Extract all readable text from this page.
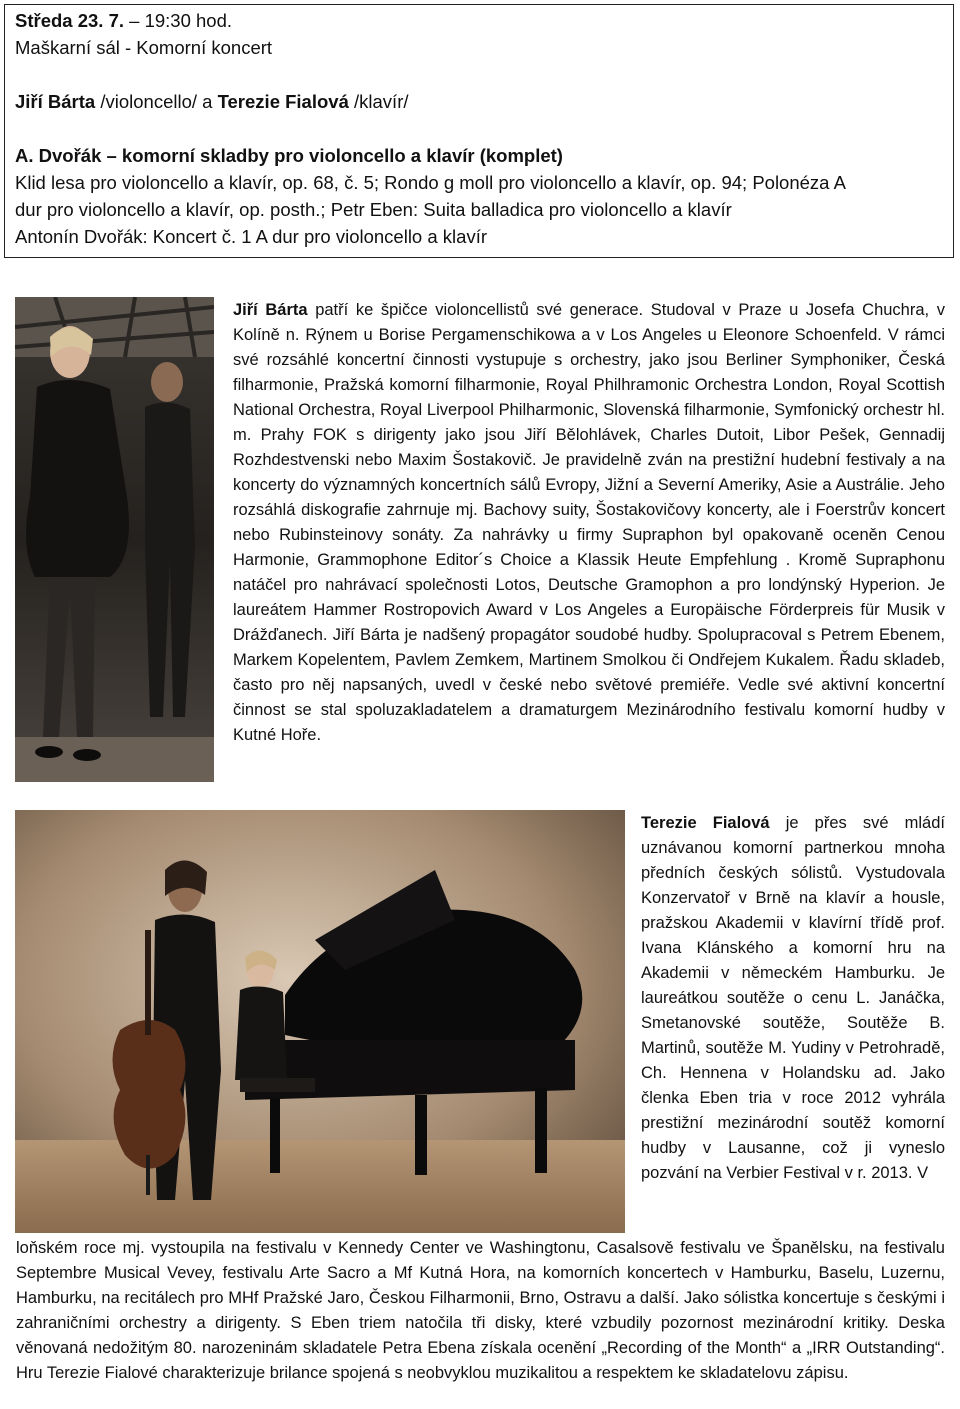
Středa 23. 7. – 19:30 hod.
Maškarní sál - Komorní koncert
Jiří Bárta /violoncello/ a Terezie Fialová /klavír/
A. Dvořák – komorní skladby pro violoncello a klavír (komplet)
Klid lesa pro violoncello a klavír, op. 68, č. 5; Rondo g moll pro violoncello a klavír, op. 94; Polonéza A
dur pro violoncello a klavír, op. posth.; Petr Eben: Suita balladica pro violoncello a klavír
Antonín Dvořák: Koncert č. 1 A dur pro violoncello a klavír
Jiří Bárta patří ke špičce violoncellistů své generace. Studoval v Praze u Josefa Chuchra, v Kolíně n. Rýnem u Borise Pergamenschikowa a v Los Angeles u Eleonore Schoenfeld. V rámci své rozsáhlé koncertní činnosti vystupuje s orchestry, jako jsou Berliner Symphoniker, Česká filharmonie, Pražská komorní filharmonie, Royal Philhramonic Orchestra London, Royal Scottish National Orchestra, Royal Liverpool Philharmonic, Slovenská filharmonie, Symfonický orchestr hl. m. Prahy FOK s dirigenty jako jsou Jiří Bělohlávek, Charles Dutoit, Libor Pešek, Gennadij Rozhdestvenski nebo Maxim Šostakovič. Je pravidelně zván na prestižní hudební festivaly a na koncerty do významných koncertních sálů Evropy, Jižní a Severní Ameriky, Asie a Austrálie. Jeho rozsáhlá diskografie zahrnuje mj. Bachovy suity, Šostakovičovy koncerty, ale i Foerstrův koncert nebo Rubinsteinovy sonáty. Za nahrávky u firmy Supraphon byl opakovaně oceněn Cenou Harmonie, Grammophone Editor´s Choice a Klassik Heute Empfehlung . Kromě Supraphonu natáčel pro nahrávací společnosti Lotos, Deutsche Gramophon a pro londýnský Hyperion. Je laureátem Hammer Rostropovich Award v Los Angeles a Europäische Förderpreis für Musik v Drážďanech. Jiří Bárta je nadšený propagátor soudobé hudby. Spolupracoval s Petrem Ebenem, Markem Kopelentem, Pavlem Zemkem, Martinem Smolkou či Ondřejem Kukalem. Řadu skladeb, často pro něj napsaných, uvedl v české nebo světové premiéře. Vedle své aktivní koncertní činnost se stal spoluzakladatelem a dramaturgem Mezinárodního festivalu komorní hudby v Kutné Hoře.
Terezie Fialová je přes své mládí uznávanou komorní partnerkou mnoha předních českých sólistů. Vystudovala Konzervatoř v Brně na klavír a housle, pražskou Akademii v klavírní třídě prof. Ivana Klánského a komorní hru na Akademii v německém Hamburku. Je laureátkou soutěže o cenu L. Janáčka, Smetanovské soutěže, Soutěže B. Martinů, soutěže M. Yudiny v Petrohradě, Ch. Hennena v Holandsku ad. Jako členka Eben tria v roce 2012 vyhrála prestižní mezinárodní soutěž komorní hudby v Lausanne, což ji vyneslo pozvání na Verbier Festival v r. 2013. V
loňském roce mj. vystoupila na festivalu v Kennedy Center ve Washingtonu, Casalsově festivalu ve Španělsku, na festivalu Septembre Musical Vevey, festivalu Arte Sacro a Mf Kutná Hora, na komorních koncertech v Hamburku, Baselu, Luzernu, Hamburku, na recitálech pro MHf Pražské Jaro, Českou Filharmonii, Brno, Ostravu a další. Jako sólistka koncertuje s českými i zahraničními orchestry a dirigenty. S Eben triem natočila tři disky, které vzbudily pozornost mezinárodní kritiky. Deska věnovaná nedožitým 80. narozeninám skladatele Petra Ebena získala ocenění „Recording of the Month“ a „IRR Outstanding“. Hru Terezie Fialové charakterizuje brilance spojená s neobvyklou muzikalitou a respektem ke skladatelovu zápisu.
